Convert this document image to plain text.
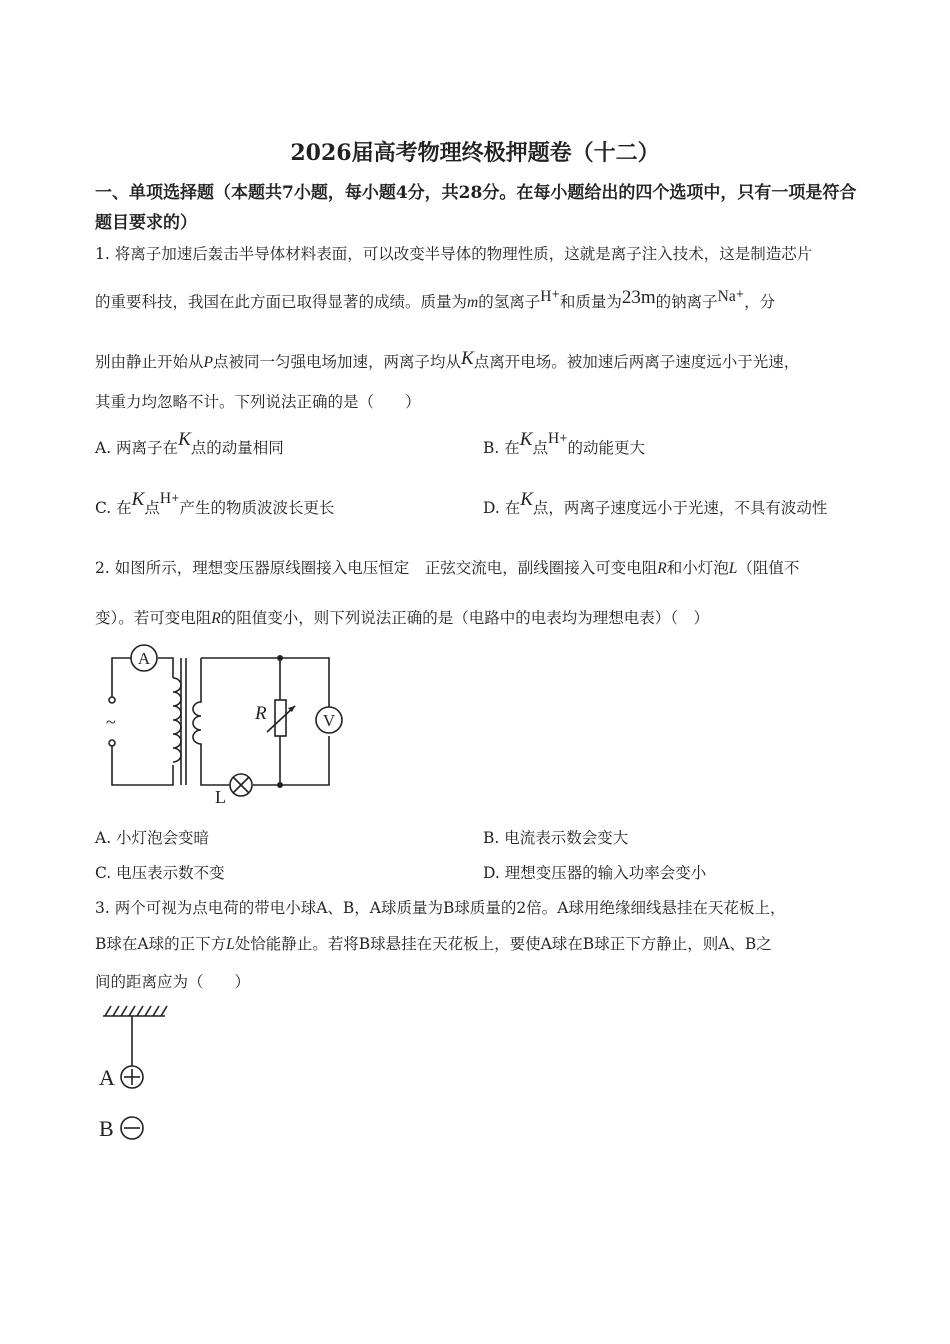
2026届高考物理终极押题卷（十二）
一、单项选择题（本题共7小题，每小题4分，共28分。在每小题给出的四个选项中，只有一项是符合题目要求的）
1. 将离子加速后轰击半导体材料表面，可以改变半导体的物理性质，这就是离子注入技术，这是制造芯片
的重要科技，我国在此方面已取得显著的成绩。质量为m的氢离子H+和质量为23m的钠离子Na+，分
别由静止开始从P点被同一匀强电场加速，两离子均从K点离开电场。被加速后两离子速度远小于光速，
其重力均忽略不计。下列说法正确的是（　　）
A. 两离子在K点的动量相同	B. 在K点H+的动能更大
C. 在K点H+产生的物质波波长更长	D. 在K点，两离子速度远小于光速，不具有波动性
2. 如图所示，理想变压器原线圈接入电压恒定　正弦交流电，副线圈接入可变电阻R和小灯泡L（阻值不
变）。若可变电阻R的阻值变小，则下列说法正确的是（电路中的电表均为理想电表）（　）
A
V
R
L
~
A. 小灯泡会变暗	B. 电流表示数会变大
C. 电压表示数不变	D. 理想变压器的输入功率会变小
3. 两个可视为点电荷的带电小球A、B，A球质量为B球质量的2倍。A球用绝缘细线悬挂在天花板上，
B球在A球的正下方L处恰能静止。若将B球悬挂在天花板上，要使A球在B球正下方静止，则A、B之
间的距离应为（　　）
A
B
